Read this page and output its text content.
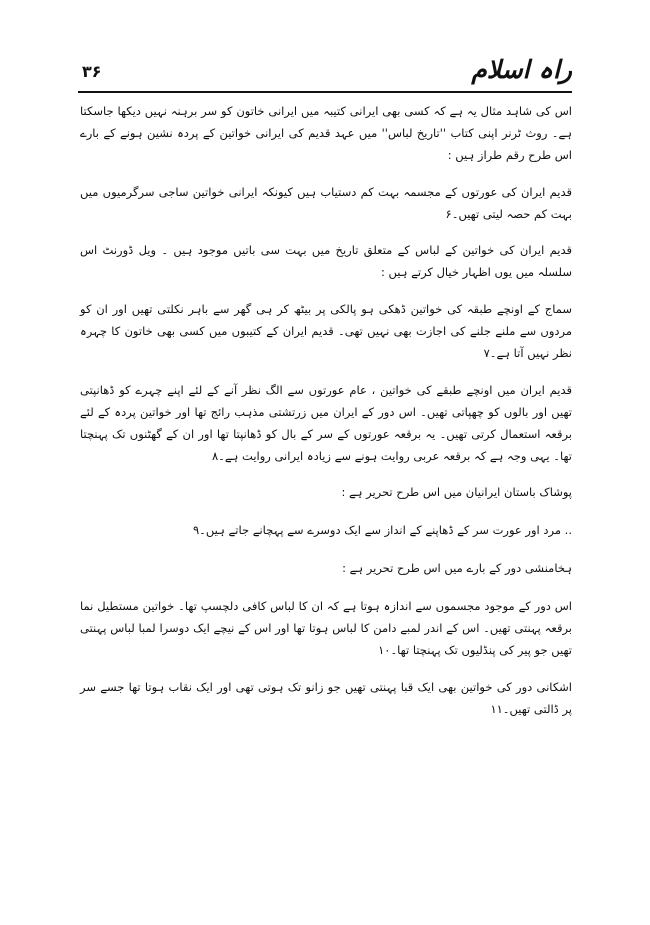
راہ اسلام
۳۶

اس کی شاہد مثال یہ ہے کہ کسی بھی ایرانی کتیبہ میں ایرانی خاتون کو سر برہنہ نہیں دیکھا جاسکتا ہے۔ روث ٹرنر اپنی کتاب ''تاریخ لباس'' میں عہد قدیم کی ایرانی خواتین کے پردہ نشین ہونے کے بارے اس طرح رقم طراز ہیں :

قدیم ایران کی عورتوں کے مجسمہ بہت کم دستیاب ہیں کیونکہ ایرانی خواتین ساجی سرگرمیوں میں بہت کم حصہ لیتی تھیں۔۶

قدیم ایران کی خواتین کے لباس کے متعلق تاریخ میں بہت سی باتیں موجود ہیں ۔ ویل ڈورنٹ اس سلسلہ میں یوں اظہار خیال کرتے ہیں :

سماج کے اونچے طبقہ کی خواتین ڈھکی ہو پالکی پر بیٹھ کر ہی گھر سے باہر نکلتی تھیں اور ان کو مردوں سے ملنے جلنے کی اجازت بھی نہیں تھی۔ قدیم ایران کے کتیبوں میں کسی بھی خاتون کا چہرہ نظر نہیں آتا ہے۔۷

قدیم ایران میں اونچے طبقے کی خواتین ، عام عورتوں سے الگ نظر آنے کے لئے اپنے چہرے کو ڈھانپتی تھیں اور بالوں کو چھپاتی تھیں۔ اس دور کے ایران میں زرتشتی مذہب رائج تھا اور خواتین پردہ کے لئے برقعہ استعمال کرتی تھیں۔ یہ برقعہ عورتوں کے سر کے بال کو ڈھانپتا تھا اور ان کے گھٹنوں تک پہنچتا تھا۔ یہی وجہ ہے کہ برقعہ عربی روایت ہونے سے زیادہ ایرانی روایت ہے۔۸

پوشاک باستان ایرانیان میں اس طرح تحریر ہے :

.. مرد اور عورت سر کے ڈھاپنے کے انداز سے ایک دوسرے سے پہچانے جاتے ہیں۔۹

ہخامنشی دور کے بارے میں اس طرح تحریر ہے :

اس دور کے موجود مجسموں سے اندازہ ہوتا ہے کہ ان کا لباس کافی دلچسپ تھا۔ خواتین مستطیل نما برقعہ پہنتی تھیں۔ اس کے اندر لمبے دامن کا لباس ہوتا تھا اور اس کے نیچے ایک دوسرا لمبا لباس پہنتی تھیں جو پیر کی پنڈلیوں تک پہنچتا تھا۔۱۰

اشکانی دور کی خواتین بھی ایک قبا پہنتی تھیں جو زانو تک ہوتی تھی اور ایک نقاب ہوتا تھا جسے سر پر ڈالتی تھیں۔۱۱
